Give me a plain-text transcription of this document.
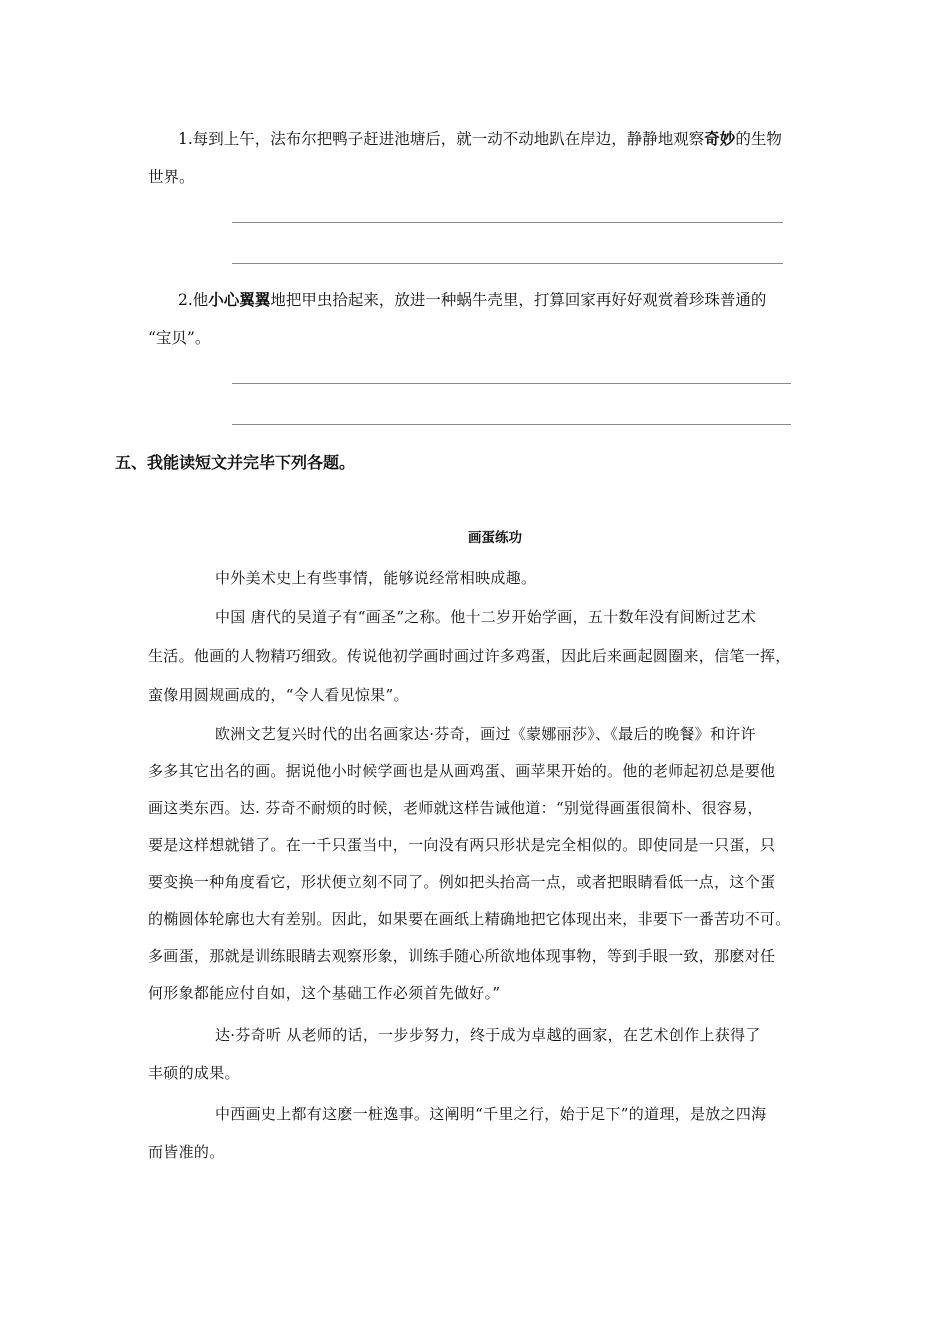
1.每到上午，法布尔把鸭子赶进池塘后，就一动不动地趴在岸边，静静地观察奇妙的生物
世界。
2.他小心翼翼地把甲虫拾起来，放进一种蜗牛壳里，打算回家再好好观赏着珍珠普通的
“宝贝”。
五、我能读短文并完毕下列各题。
画蛋练功
中外美术史上有些事情，能够说经常相映成趣。
中国 唐代的吴道子有“画圣”之称。他十二岁开始学画，五十数年没有间断过艺术
生活。他画的人物精巧细致。传说他初学画时画过许多鸡蛋，因此后来画起圆圈来，信笔一挥，
蛮像用圆规画成的，“令人看见惊果”。
欧洲文艺复兴时代的出名画家达·芬奇，画过《蒙娜丽莎》、《最后的晚餐》和许许
多多其它出名的画。据说他小时候学画也是从画鸡蛋、画苹果开始的。他的老师起初总是要他
画这类东西。达. 芬奇不耐烦的时候，老师就这样告诫他道：“别觉得画蛋很简朴、很容易，
要是这样想就错了。在一千只蛋当中，一向没有两只形状是完全相似的。即使同是一只蛋，只
要变换一种角度看它，形状便立刻不同了。例如把头抬高一点，或者把眼睛看低一点，这个蛋
的椭圆体轮廓也大有差别。因此，如果要在画纸上精确地把它体现出来，非要下一番苦功不可。
多画蛋，那就是训练眼睛去观察形象，训练手随心所欲地体现事物，等到手眼一致，那麽对任
何形象都能应付自如，这个基础工作必须首先做好。”
达·芬奇听 从老师的话，一步步努力，终于成为卓越的画家，在艺术创作上获得了
丰硕的成果。
中西画史上都有这麽一桩逸事。这阐明“千里之行，始于足下”的道理，是放之四海
而皆准的。
